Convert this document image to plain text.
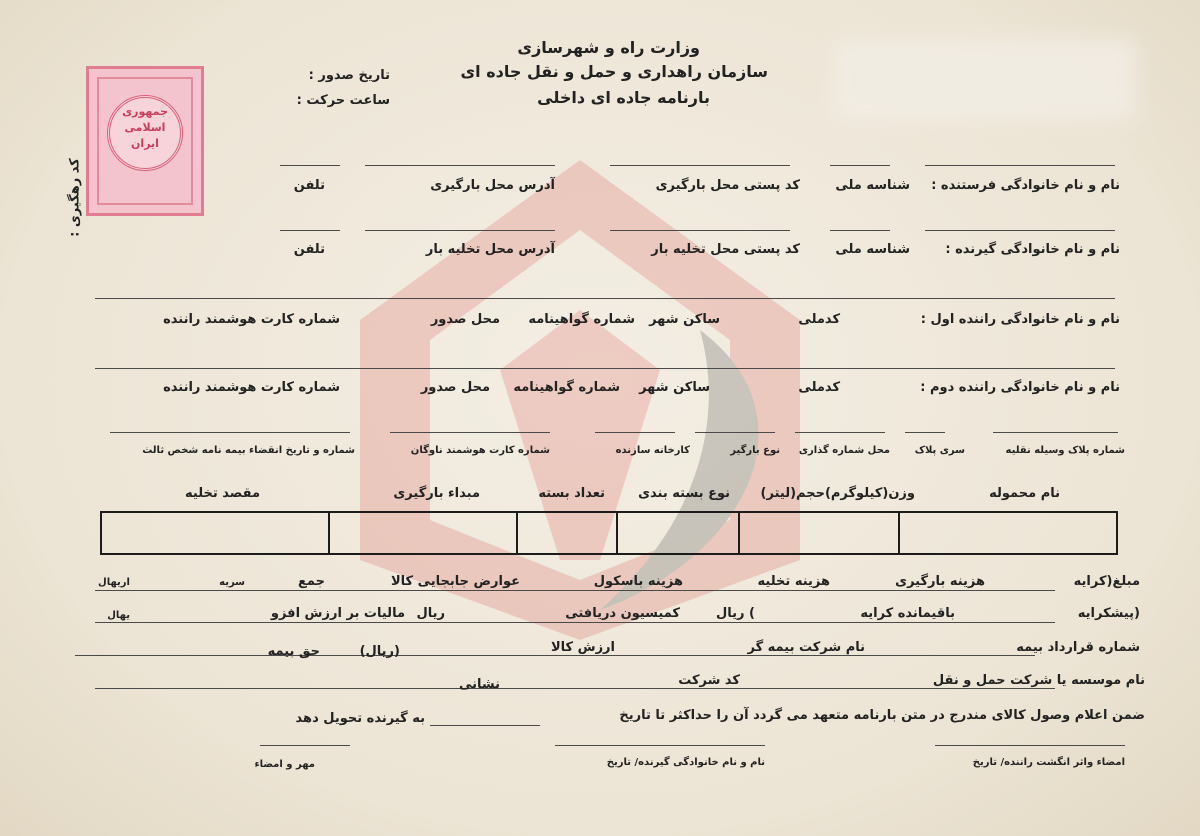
وزارت راه و شهرسازی
سازمان راهداری و حمل و نقل جاده ای
بارنامه جاده ای داخلی
تاریخ صدور :
ساعت حرکت :
جمهوری
اسلامی
ایران
کد رهگیری :	نام و نام خانوادگی فرستنده :
شناسه ملی
کد پستی محل بارگیری
آدرس محل بارگیری
تلفن
نام و نام خانوادگی گیرنده :
شناسه ملی
کد پستی محل تخلیه بار
آدرس محل تخلیه بار
تلفن
نام و نام خانوادگی راننده اول :
کدملی
ساکن شهر
شماره گواهینامه
محل صدور
شماره کارت هوشمند راننده
نام و نام خانوادگی راننده دوم :
کدملی
ساکن شهر
شماره گواهینامه
محل صدور
شماره کارت هوشمند راننده
شماره پلاک وسیله نقلیه
سری پلاک
محل شماره گذاری
نوع بارگیر
کارخانه سازنده
شماره کارت هوشمند ناوگان
شماره و تاریخ انقضاء بیمه نامه شخص ثالث
نام محموله
وزن(کیلوگرم)حجم(لیتر)
نوع بسته بندی
تعداد بسته
مبداء بارگیری
مقصد تخلیه
مبلغ(کرایه
هزینه بارگیری
هزینه تخلیه
هزینه باسکول
عوارض جابجایی کالا
جمع
سریه
اریهال
(پیشکرایه
باقیمانده کرایه
) ریال
کمیسیون دریافتی
ریال
مالیات بر ارزش افزو
یهال
شماره قرارداد بیمه
نام شرکت بیمه گر
ارزش کالا
(ریال)
حق بیمه
نام موسسه یا شرکت حمل و نقل
کد شرکت
نشانی
ضمن اعلام وصول کالای مندرج در متن بارنامه متعهد می گردد آن را حداکثر تا تاریخ
به گیرنده تحویل دهد
امضاء واثر انگشت راننده/ تاریخ
نام و نام خانوادگی گیرنده/ تاریخ
مهر و امضاء
